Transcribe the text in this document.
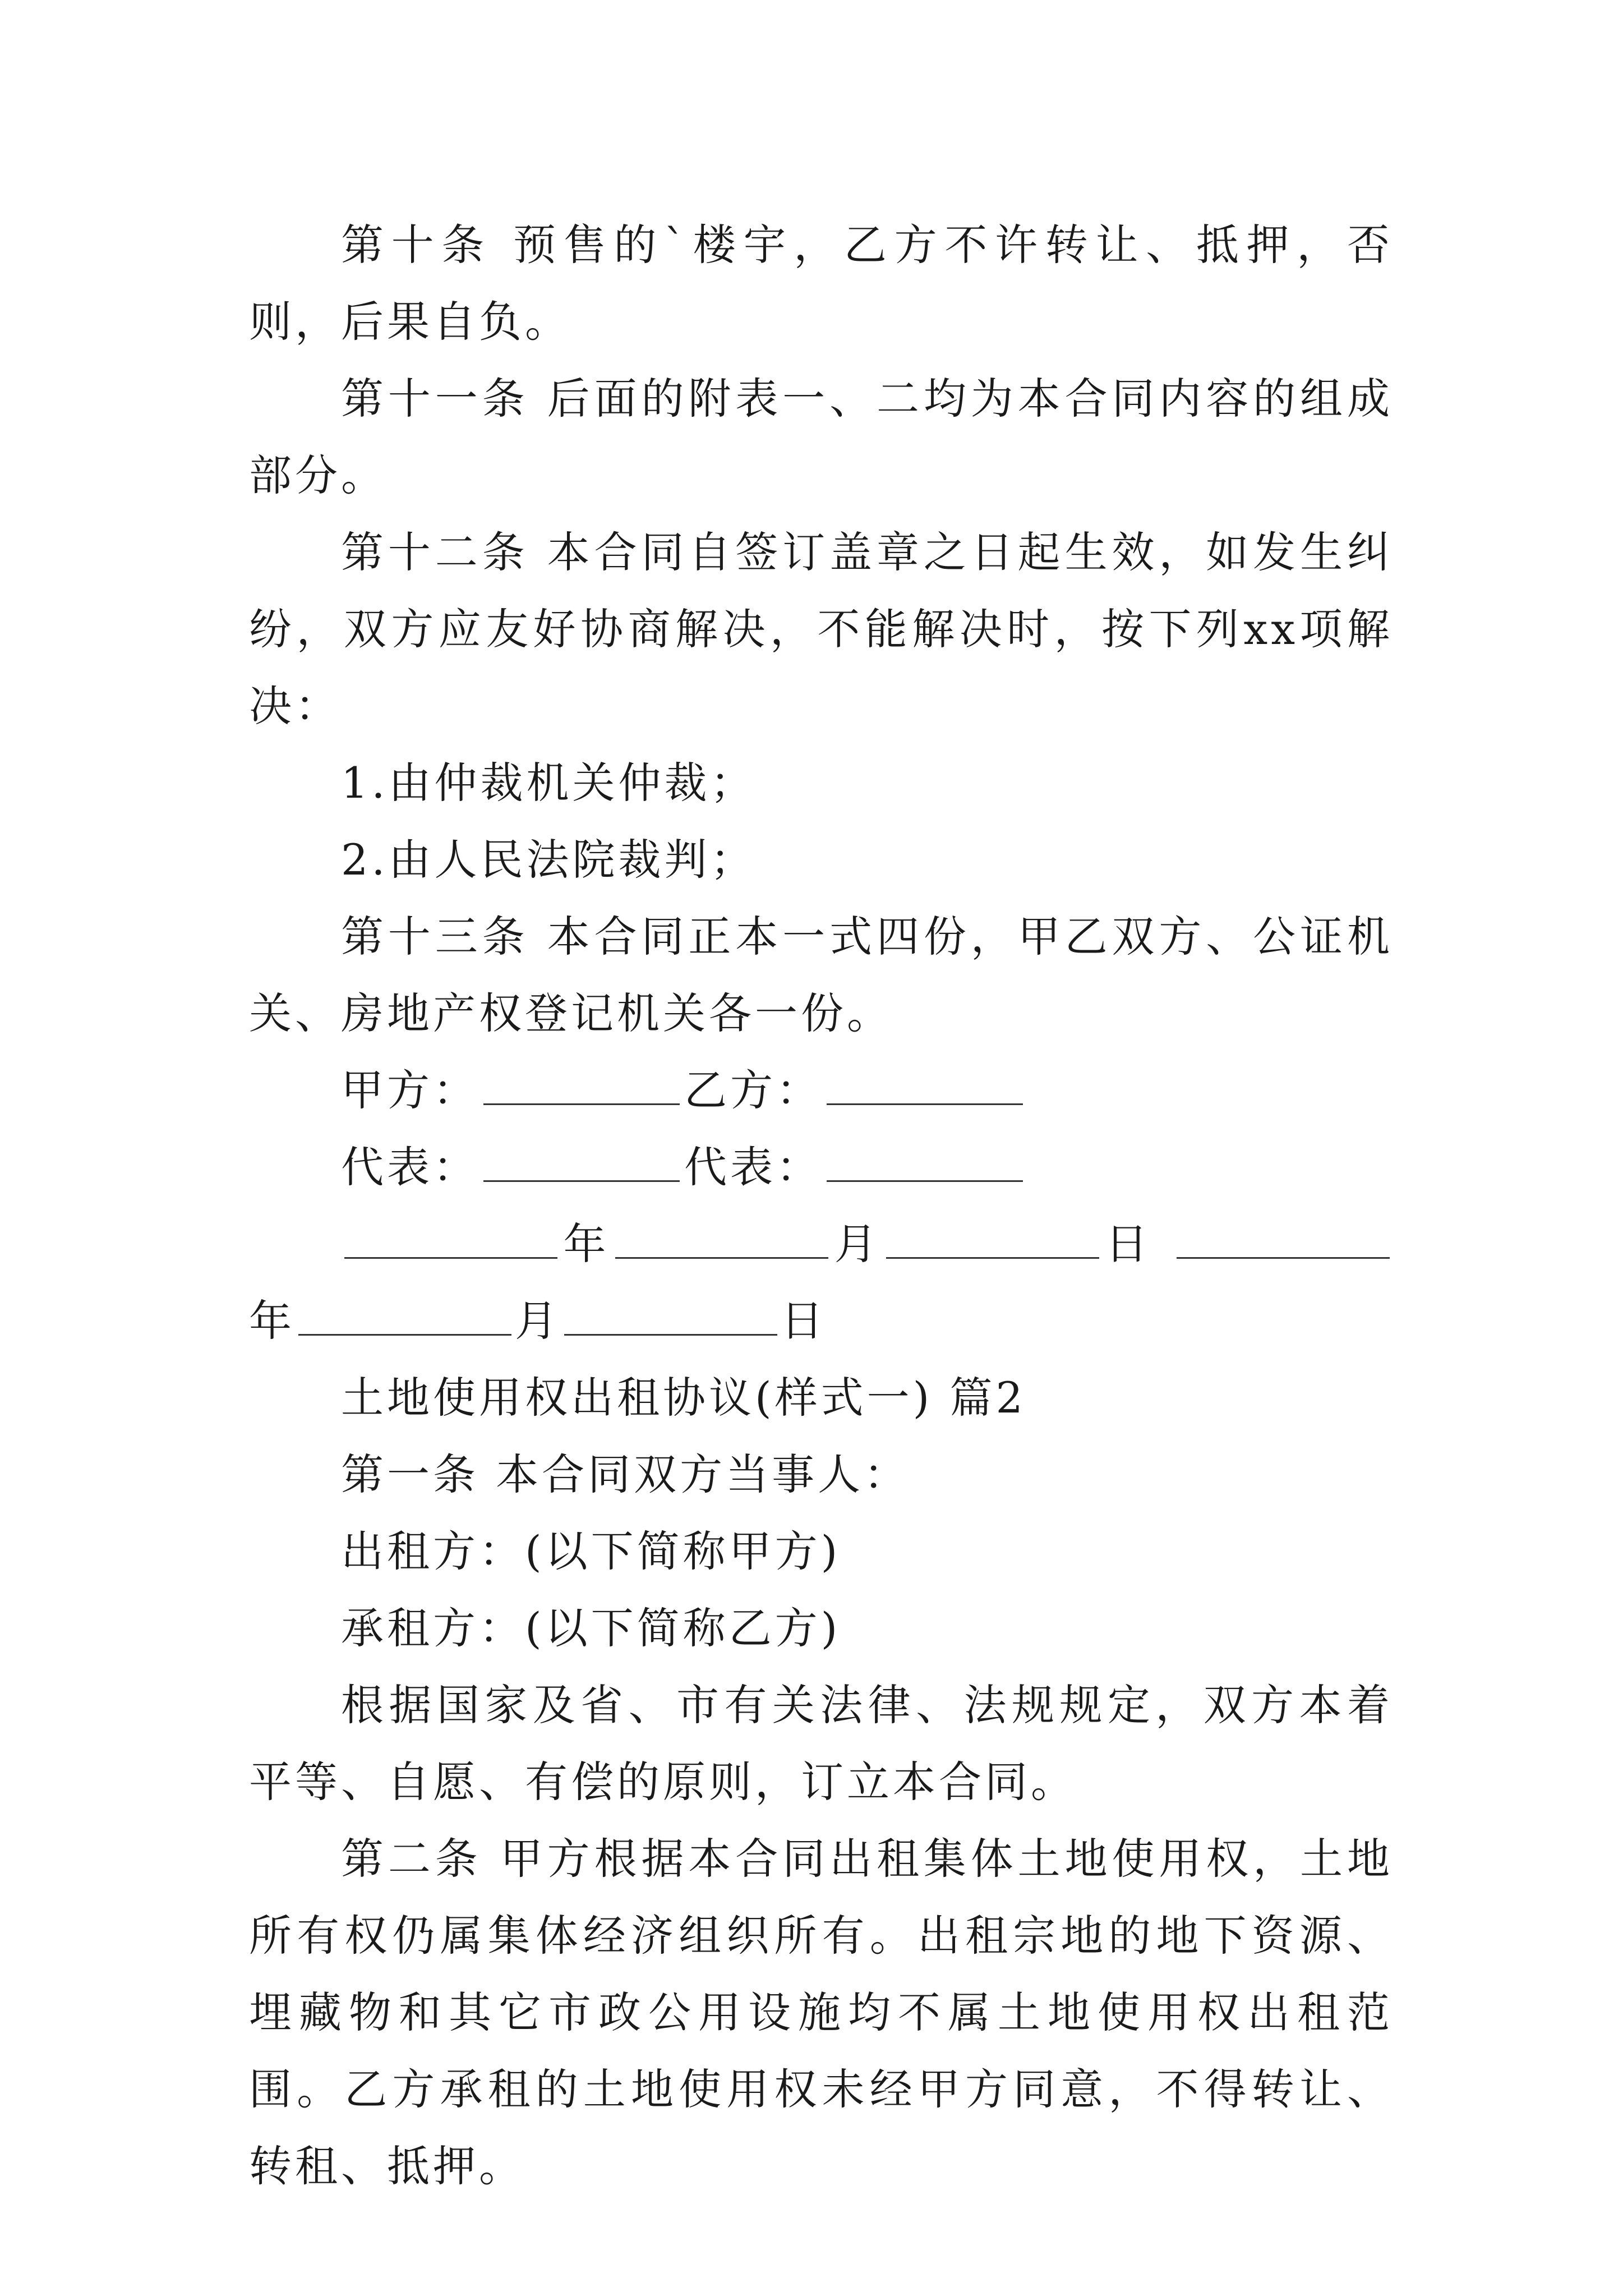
第十条 预售的`楼宇，乙方不许转让、抵押，否则，后果自负。

第十一条 后面的附表一、二均为本合同内容的组成部分。

第十二条 本合同自签订盖章之日起生效，如发生纠纷，双方应友好协商解决，不能解决时，按下列xx项解决：

1.由仲裁机关仲裁；

2.由人民法院裁判；

第十三条 本合同正本一式四份，甲乙双方、公证机关、房地产权登记机关各一份。

甲方：	乙方：

代表：	代表：

年	月	日 年	月	日

土地使用权出租协议(样式一) 篇2

第一条 本合同双方当事人：

出租方：(以下简称甲方)

承租方：(以下简称乙方)

根据国家及省、市有关法律、法规规定，双方本着平等、自愿、有偿的原则，订立本合同。

第二条 甲方根据本合同出租集体土地使用权，土地所有权仍属集体经济组织所有。出租宗地的地下资源、埋藏物和其它市政公用设施均不属土地使用权出租范围。乙方承租的土地使用权未经甲方同意，不得转让、转租、抵押。
